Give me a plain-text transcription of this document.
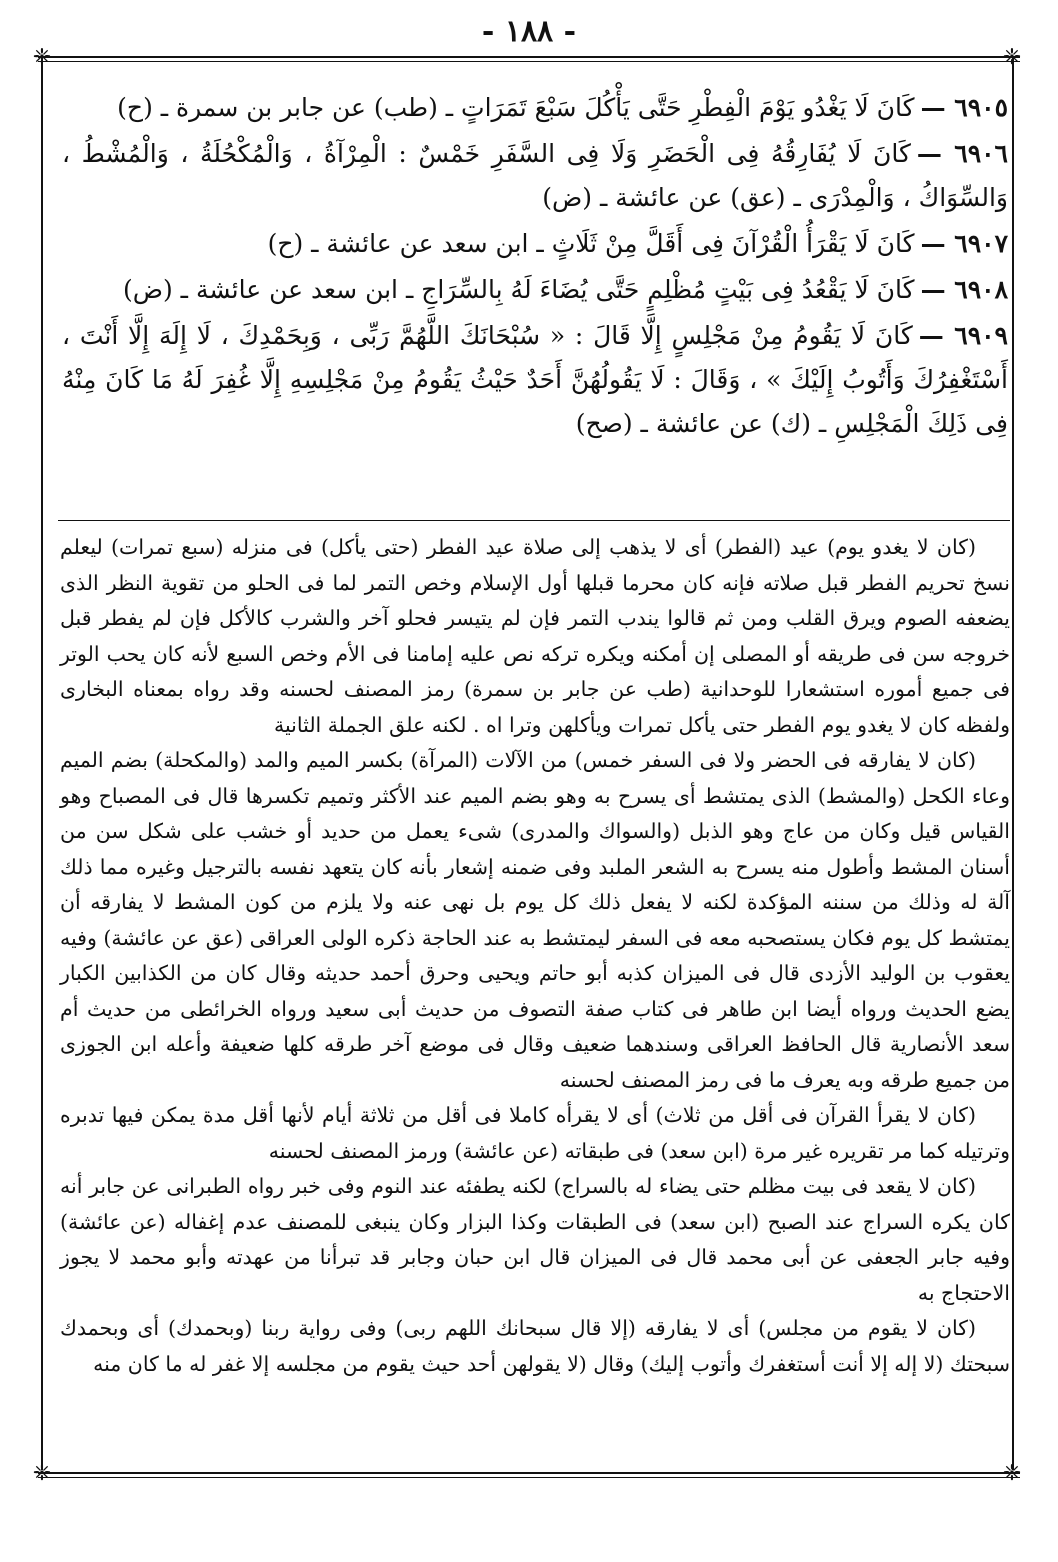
- ١٨٨ -
❈	❈
❈	❈

٦٩٠٥ —كَانَ لَا يَغْدُو يَوْمَ الْفِطْرِ حَتَّى يَأْكُلَ سَبْعَ تَمَرَاتٍ ـ (طب) عن جابر بن سمرة ـ (ح)

٦٩٠٦ —كَانَ لَا يُفَارِقُهُ فِى الْحَضَرِ وَلَا فِى السَّفَرِ خَمْسٌ : الْمِرْآةُ ، وَالْمُكْحُلَةُ ، وَالْمُشْطُ ، وَالسِّوَاكُ ، وَالْمِدْرَى ـ (عق) عن عائشة ـ (ض)

٦٩٠٧ —كَانَ لَا يَقْرَأُ الْقُرْآنَ فِى أَقَلَّ مِنْ ثَلَاثٍ ـ ابن سعد عن عائشة ـ (ح)

٦٩٠٨ —كَانَ لَا يَقْعُدُ فِى بَيْتٍ مُظْلِمٍ حَتَّى يُضَاءَ لَهُ بِالسِّرَاجِ ـ ابن سعد عن عائشة ـ (ض)

٦٩٠٩ —كَانَ لَا يَقُومُ مِنْ مَجْلِسٍ إِلَّا قَالَ : « سُبْحَانَكَ اللَّهُمَّ رَبِّى ، وَبِحَمْدِكَ ، لَا إِلَهَ إِلَّا أَنْتَ ، أَسْتَغْفِرُكَ وَأَتُوبُ إِلَيْكَ » ، وَقَالَ : لَا يَقُولُهُنَّ أَحَدٌ حَيْثُ يَقُومُ مِنْ مَجْلِسِهِ إِلَّا غُفِرَ لَهُ مَا كَانَ مِنْهُ فِى ذَلِكَ الْمَجْلِسِ ـ (ك) عن عائشة ـ (صح)

(كان لا يغدو يوم) عيد (الفطر) أى لا يذهب إلى صلاة عيد الفطر (حتى يأكل) فى منزله (سبع تمرات) ليعلم نسخ تحريم الفطر قبل صلاته فإنه كان محرما قبلها أول الإسلام وخص التمر لما فى الحلو من تقوية النظر الذى يضعفه الصوم ويرق القلب ومن ثم قالوا يندب التمر فإن لم يتيسر فحلو آخر والشرب كالأكل فإن لم يفطر قبل خروجه سن فى طريقه أو المصلى إن أمكنه ويكره تركه نص عليه إمامنا فى الأم وخص السبع لأنه كان يحب الوتر فى جميع أموره استشعارا للوحدانية (طب عن جابر بن سمرة) رمز المصنف لحسنه وقد رواه بمعناه البخارى ولفظه كان لا يغدو يوم الفطر حتى يأكل تمرات ويأكلهن وترا اه . لكنه علق الجملة الثانية

(كان لا يفارقه فى الحضر ولا فى السفر خمس) من الآلات (المرآة) بكسر الميم والمد (والمكحلة) بضم الميم وعاء الكحل (والمشط) الذى يمتشط أى يسرح به وهو بضم الميم عند الأكثر وتميم تكسرها قال فى المصباح وهو القياس قيل وكان من عاج وهو الذبل (والسواك والمدرى) شىء يعمل من حديد أو خشب على شكل سن من أسنان المشط وأطول منه يسرح به الشعر الملبد وفى ضمنه إشعار بأنه كان يتعهد نفسه بالترجيل وغيره مما ذلك آلة له وذلك من سننه المؤكدة لكنه لا يفعل ذلك كل يوم بل نهى عنه ولا يلزم من كون المشط لا يفارقه أن يمتشط كل يوم فكان يستصحبه معه فى السفر ليمتشط به عند الحاجة ذكره الولى العراقى (عق عن عائشة) وفيه يعقوب بن الوليد الأزدى قال فى الميزان كذبه أبو حاتم ويحيى وحرق أحمد حديثه وقال كان من الكذابين الكبار يضع الحديث ورواه أيضا ابن طاهر فى كتاب صفة التصوف من حديث أبى سعيد ورواه الخرائطى من حديث أم سعد الأنصارية قال الحافظ العراقى وسندهما ضعيف وقال فى موضع آخر طرقه كلها ضعيفة وأعله ابن الجوزى من جميع طرقه وبه يعرف ما فى رمز المصنف لحسنه

(كان لا يقرأ القرآن فى أقل من ثلاث) أى لا يقرأه كاملا فى أقل من ثلاثة أيام لأنها أقل مدة يمكن فيها تدبره وترتيله كما مر تقريره غير مرة (ابن سعد) فى طبقاته (عن عائشة) ورمز المصنف لحسنه

(كان لا يقعد فى بيت مظلم حتى يضاء له بالسراج) لكنه يطفئه عند النوم وفى خبر رواه الطبرانى عن جابر أنه كان يكره السراج عند الصبح (ابن سعد) فى الطبقات وكذا البزار وكان ينبغى للمصنف عدم إغفاله (عن عائشة) وفيه جابر الجعفى عن أبى محمد قال فى الميزان قال ابن حبان وجابر قد تبرأنا من عهدته وأبو محمد لا يجوز الاحتجاج به

(كان لا يقوم من مجلس) أى لا يفارقه (إلا قال سبحانك اللهم ربى) وفى رواية ربنا (وبحمدك) أى وبحمدك سبحتك (لا إله إلا أنت أستغفرك وأتوب إليك) وقال (لا يقولهن أحد حيث يقوم من مجلسه إلا غفر له ما كان منه
